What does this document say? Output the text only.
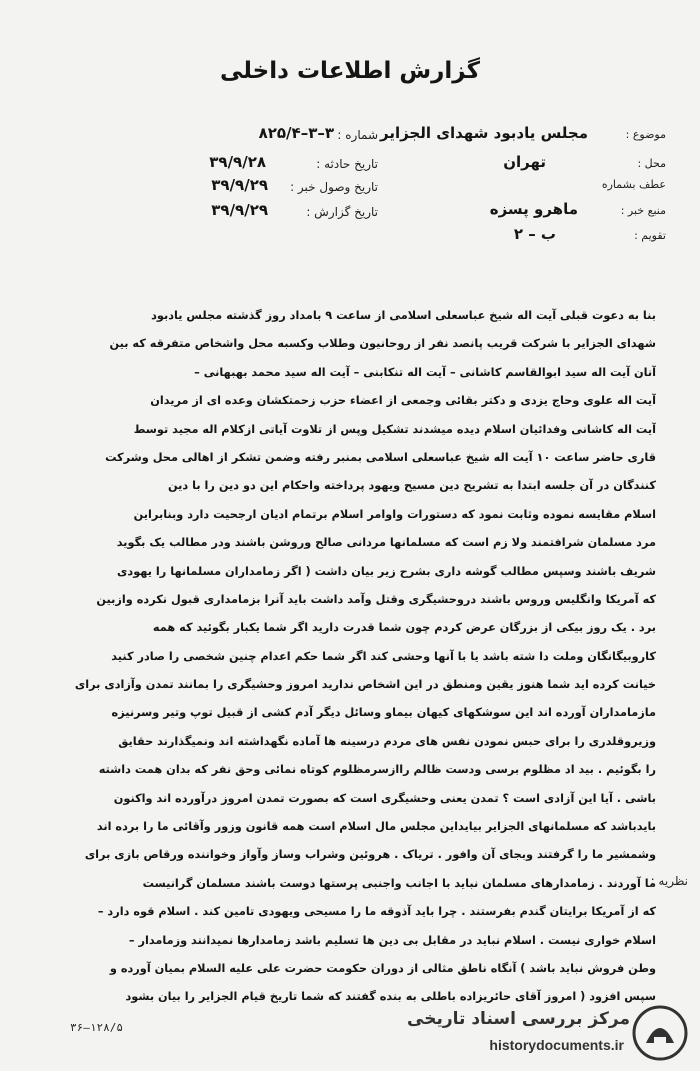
گزارش اطلاعات داخلی
موضوع :
مجلس یادبود شهدای الجزایر
محل :
تهران
عطف بشماره
منبع خبر :
ماهرو پسزه
تقویم :
ب – ۲
شماره :
۳–۳–۸۲۵/۴
تاریخ حادثه :
۳۹/۹/۲۸
تاریخ وصول خبر :
۳۹/۹/۲۹
تاریخ گزارش :
۳۹/۹/۲۹
بنا به دعوت قبلی آیت اله شیخ عباسعلی اسلامی از ساعت ۹ بامداد روز گذشته مجلس یادبود
شهدای الجزایر با شرکت قریب پانصد نفر از روحانیون وطلاب وکسبه محل واشخاص متفرقه که بین
آنان آیت اله سید ابوالقاسم کاشانی – آیت اله تنکابنی – آیت اله سید محمد بهبهانی –
آیت اله علوی وحاج یزدی و دکتر بقائی وجمعی از اعضاء حزب زحمتکشان وعده ای از مریدان
آیت اله کاشانی وفدائیان اسلام دیده میشدند تشکیل وپس از تلاوت آیاتی ازکلام اله مجید توسط
قاری حاضر ساعت ۱۰ آیت اله شیخ عباسعلی اسلامی بمنبر رفته وضمن تشکر از اهالی محل وشرکت
کنندگان در آن جلسه ابتدا به تشریح دین مسیح ویهود پرداخته واحکام این دو دین را با دین
اسلام مقایسه نموده وثابت نمود که دستورات واوامر اسلام برتمام ادیان ارجحیت دارد وبنابراین
مرد مسلمان شرافتمند ولا زم است که مسلمانها مردانی صالح وروشن باشند ودر مطالب یک بگوید
شریف باشند وسپس مطالب گوشه داری بشرح زیر بیان داشت ( اگر زمامداران مسلمانها را یهودی
که آمریکا وانگلیس وروس باشند دروحشیگری وقتل وآمد داشت باید آنرا بزمامداری قبول نکرده وازبین
برد . یک روز بیکی از بزرگان عرض کردم چون شما قدرت دارید اگر شما یکبار بگوئید که همه
کاروبیگانگان وملت دا شته باشد یا با آنها وحشی کند اگر شما حکم اعدام چنین شخصی را صادر کنید
خیانت کرده اید شما هنوز یقین ومنطق در این اشخاص ندارید امروز وحشیگری را بمانند تمدن وآزادی برای
مازمامداران آورده اند این سوشکهای کیهان بیماو وسائل دیگر آدم کشی از قبیل توپ وتیر وسرنیزه
وزیروقلدری را برای حبس نمودن نفس های مردم درسینه ها آماده نگهداشته اند ونمیگذارند حقایق
را بگوئیم . بید اد مظلوم برسی ودست ظالم راازسرمظلوم کوتاه نمائی وحق نفر که بدان همت داشته
باشی . آیا این آزادی است ؟ تمدن یعنی وحشیگری است که بصورت تمدن امروز درآورده اند واکنون
بایدباشد که مسلمانهای الجزایر بیایداین مجلس مال اسلام است همه قانون وزور وآقائی ما را برده اند
وشمشیر ما را گرفتند وبجای آن وافور . تریاک . هروئین وشراب وساز وآواز وخواننده ورقاص بازی برای
ما آوردند . زمامدارهای مسلمان نباید با اجانب واجنبی پرستها دوست باشند مسلمان گرانیست
که از آمریکا برایتان گندم بفرستند . چرا باید آذوقه ما را مسیحی ویهودی تامین کند . اسلام قوه دارد –
اسلام خواری نیست . اسلام نباید در مقابل بی دین ها تسلیم باشد زمامدارها نمیدانند وزمامدار –
وطن فروش نباید باشد ) آنگاه ناطق مثالی از دوران حکومت حضرت علی علیه السلام بمیان آورده و
سپس افزود ( امروز آقای حائریزاده باطلی به بنده گفتند که شما تاریخ قیام الجزایر را بیان بشود
نظریه :
۳۶–۱۲۸/۵	مرکز بررسی اسناد تاریخی
historydocuments.ir
